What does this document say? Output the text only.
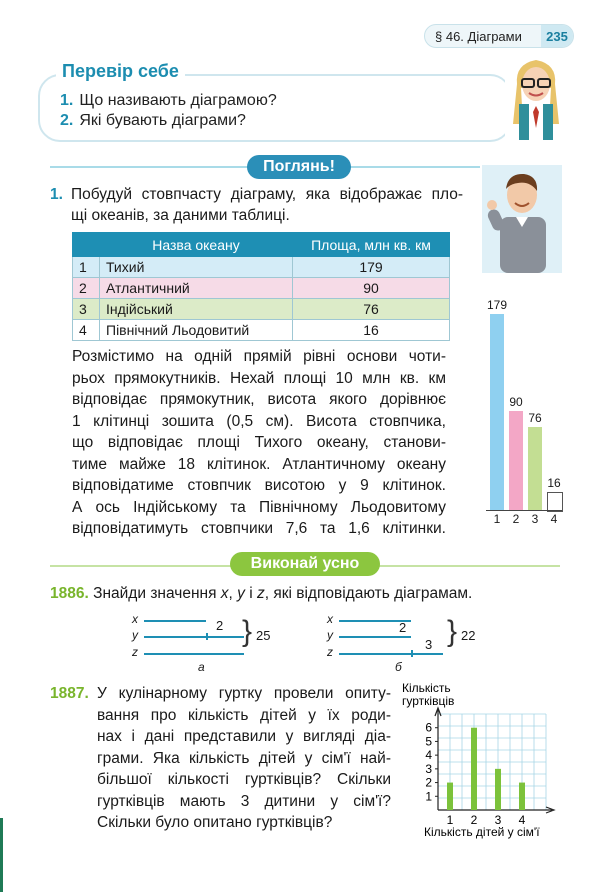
§ 46. Діаграми	235
Перевір себе
1. Що називають діаграмою?
2. Які бувають діаграми?
Поглянь!
1. Побудуй стовпчасту діаграму, яка відображає пло-
щі океанів, за даними таблиці.
	Назва океану	Площа, млн кв. км
1	Тихий	179
2	Атлантичний	90
3	Індійський	76
4	Північний Льодовитий	16
Розмістимо на одній прямій рівні основи чоти-
рьох прямокутників. Нехай площі 10 млн кв. км
відповідає прямокутник, висота якого дорівнює
1 клітинці зошита (0,5 см). Висота стовпчика,
що відповідає площі Тихого океану, станови-
тиме майже 18 клітинок. Атлантичному океану
відповідатиме стовпчик висотою у 9 клітинок.
А ось Індійському та Північному Льодовитому
відповідатимуть стовпчики 7,6 та 1,6 клітинки.
179
1
90
2
76
3
16
4
Виконай усно
1886. Знайди значення x, y і z, які відповідають діаграмам.
x
y
z
2 } 25
а
x
y
z
2
3 } 22
б
1887. У кулінарному гуртку провели опиту-
вання про кількість дітей у їх роди-
нах і дані представили у вигляді діа-
грами. Яка кількість дітей у сім'ї най-
більшої кількості гуртківців? Скільки
гуртківців мають 3 дитини у сім'ї?
Скільки було опитано гуртківців?
1
2
3
4
5
6
1 2 3 4
Кількість
гуртківців
Кількість дітей у сім'ї
